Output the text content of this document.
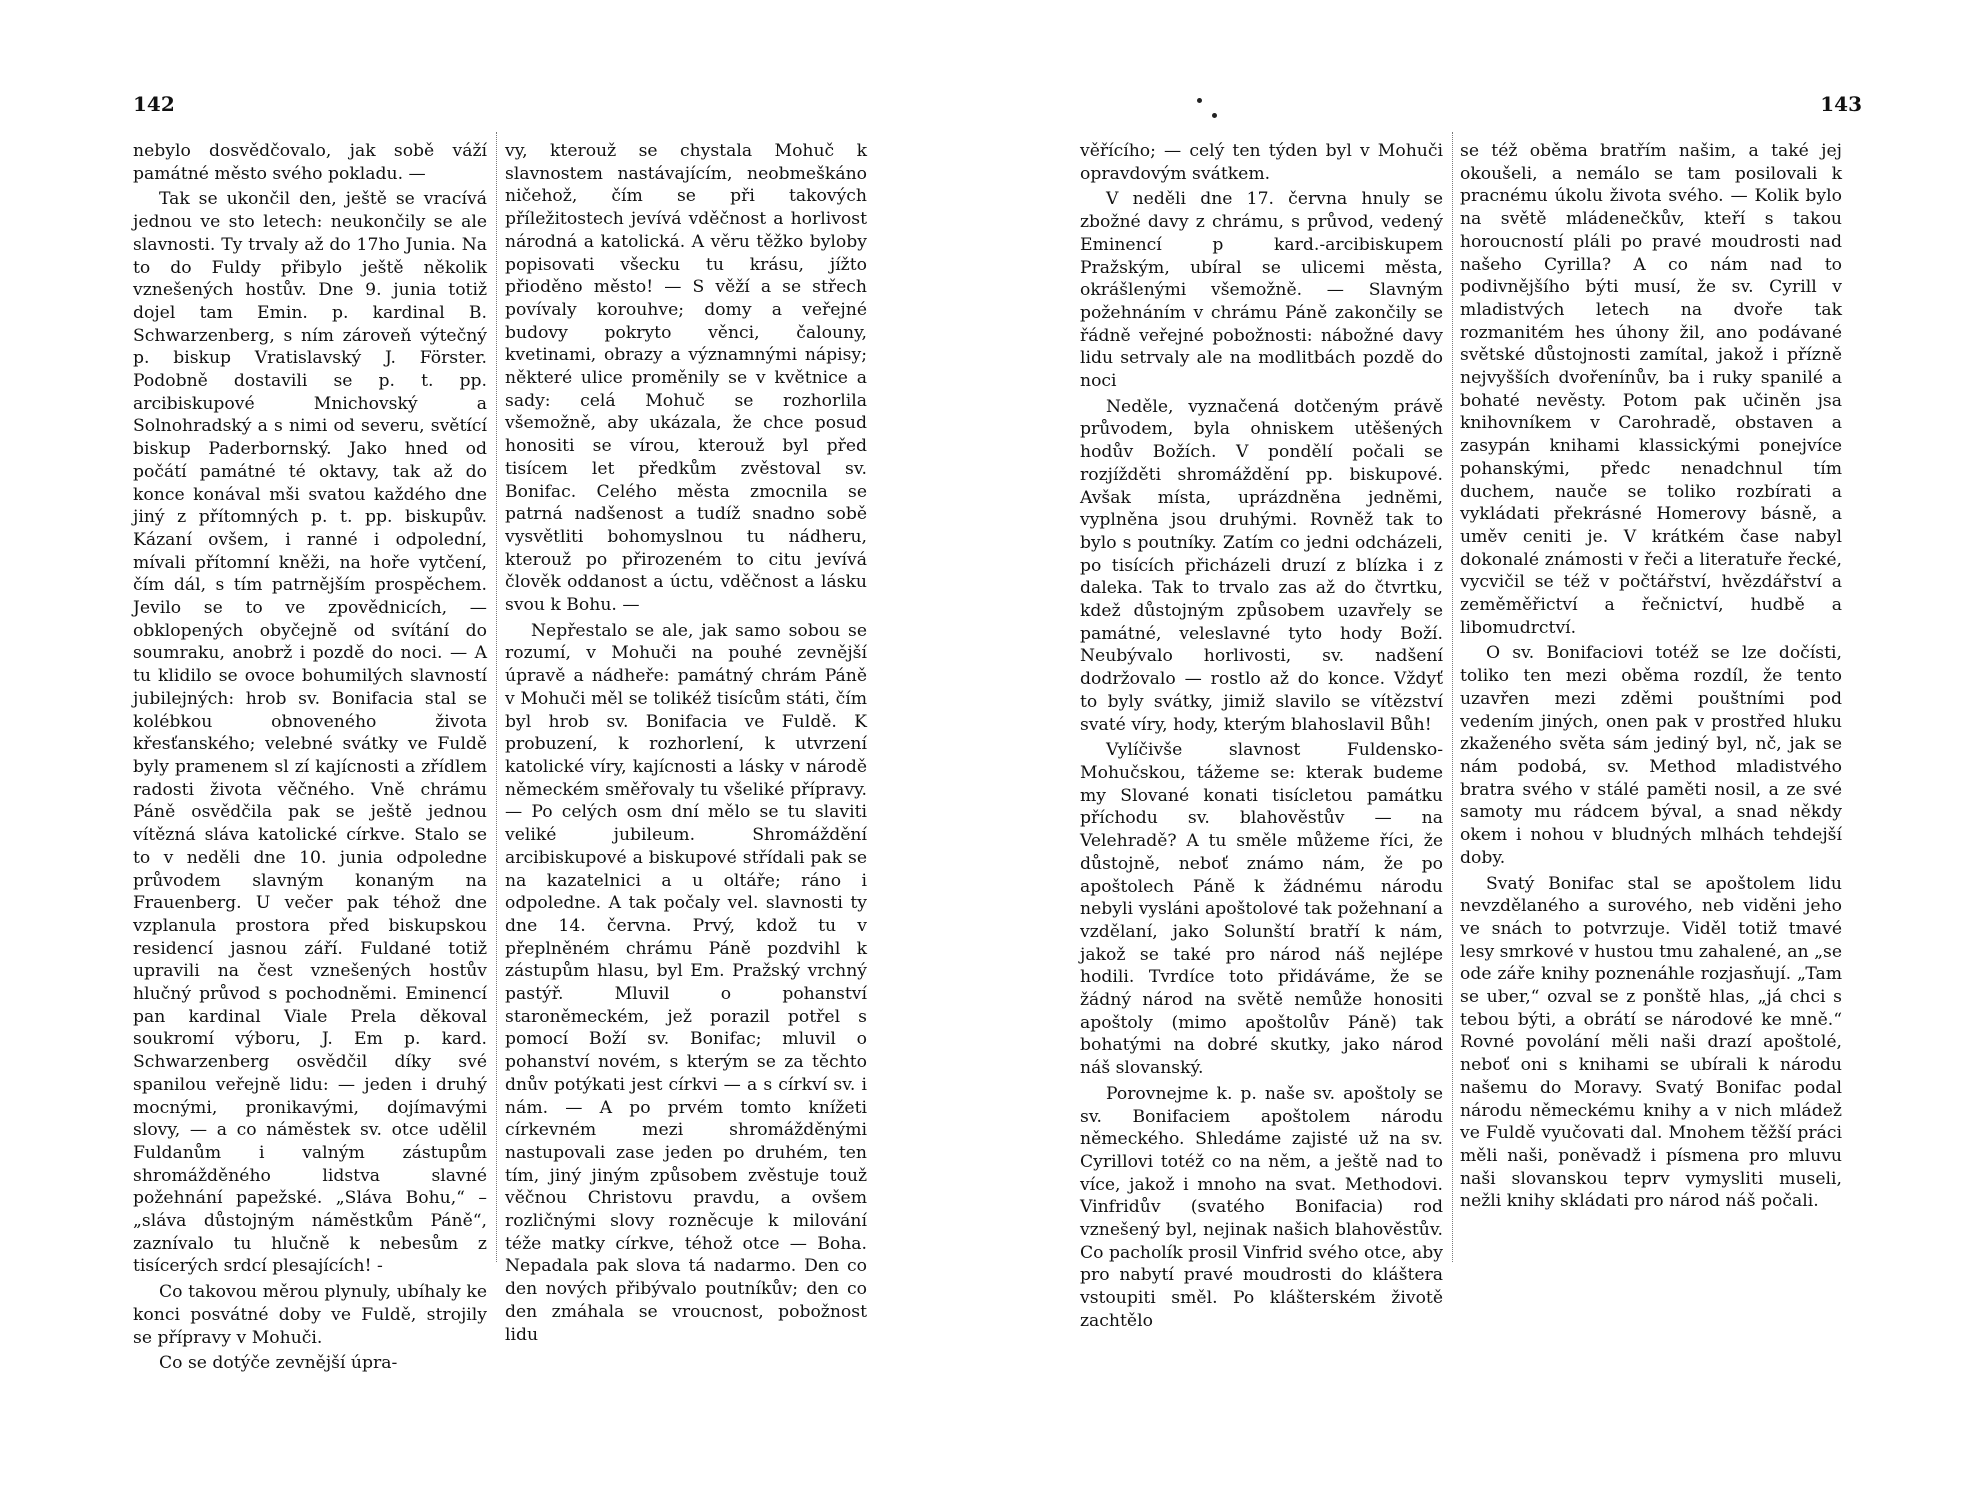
142

nebylo dosvědčovalo, jak sobě váží památné město svého pokladu. —

Tak se ukončil den, ještě se vracívá jednou ve sto letech: neukončily se ale slavnosti. Ty trvaly až do 17ho Junia. Na to do Fuldy přibylo ještě několik vznešených hostův. Dne 9. junia totiž dojel tam Emin. p. kardinal B. Schwarzenberg, s ním zároveň výtečný p. biskup Vratislavský J. Förster. Podobně dostavili se p. t. pp. arcibiskupové Mnichovský a Solnohradský a s nimi od severu, světící biskup Paderbornský. Jako hned od počátí památné té oktavy, tak až do konce konával mši svatou každého dne jiný z přítomných p. t. pp. biskupův. Kázaní ovšem, i ranné i odpolední, mívali přítomní kněži, na hoře vytčení, čím dál, s tím patrnějším prospěchem. Jevilo se to ve zpovědnicích, — obklopených obyčejně od svítání do soumraku, anobrž i pozdě do noci. — A tu klidilo se ovoce bohumilých slavností jubilejných: hrob sv. Bonifacia stal se kolébkou obnoveného života křesťanského; velebné svátky ve Fuldě byly pramenem sl zí kajícnosti a zřídlem radosti života věčného. Vně chrámu Páně osvědčila pak se ještě jednou vítězná sláva katolické církve. Stalo se to v neděli dne 10. junia odpoledne průvodem slavným konaným na Frauenberg. U večer pak téhož dne vzplanula prostora před biskupskou residencí jasnou září. Fuldané totiž upravili na čest vznešených hostův hlučný průvod s pochodněmi. Eminencí pan kardinal Viale Prela děkoval soukromí výboru, J. Em p. kard. Schwarzenberg osvědčil díky své spanilou veřejně lidu: — jeden i druhý mocnými, pronikavými, dojímavými slovy, — a co náměstek sv. otce udělil Fuldanům i valným zástupům shromážděného lidstva slavné požehnání papežské. „Sláva Bohu,“ – „sláva důstojným náměstkům Páně“, zaznívalo tu hlučně k nebesům z tisícerých srdcí plesajících! -

Co takovou měrou plynuly, ubíhaly ke konci posvátné doby ve Fuldě, strojily se přípravy v Mohuči.

Co se dotýče zevnější úpra-

vy, kterouž se chystala Mohuč k slavnostem nastávajícím, neobmeškáno ničehož, čím se při takových příležitostech jevívá vděčnost a horlivost národná a katolická. A věru těžko byloby popisovati všecku tu krásu, jížto přioděno město! — S věží a se střech povívaly korouhve; domy a veřejné budovy pokryto věnci, čalouny, kvetinami, obrazy a významnými nápisy; některé ulice proměnily se v květnice a sady: celá Mohuč se rozhorlila všemožně, aby ukázala, že chce posud honositi se vírou, kterouž byl před tisícem let předkům zvěstoval sv. Bonifac. Celého města zmocnila se patrná nadšenost a tudíž snadno sobě vysvětliti bohomyslnou tu nádheru, kterouž po přirozeném to citu jevívá člověk oddanost a úctu, vděčnost a lásku svou k Bohu. —

Nepřestalo se ale, jak samo sobou se rozumí, v Mohuči na pouhé zevnější úpravě a nádheře: památný chrám Páně v Mohuči měl se tolikéž tisícům státi, čím byl hrob sv. Bonifacia ve Fuldě. K probuzení, k rozhorlení, k utvrzení katolické víry, kajícnosti a lásky v národě německém směřovaly tu všeliké přípravy. — Po celých osm dní mělo se tu slaviti veliké jubileum. Shromáždění arcibiskupové a biskupové střídali pak se na kazatelnici a u oltáře; ráno i odpoledne. A tak počaly vel. slavnosti ty dne 14. června. Prvý, kdož tu v přeplněném chrámu Páně pozdvihl k zástupům hlasu, byl Em. Pražský vrchný pastýř. Mluvil o pohanství staroněmeckém, jež porazil potřel s pomocí Boží sv. Bonifac; mluvil o pohanství novém, s kterým se za těchto dnův potýkati jest církvi — a s církví sv. i nám. — A po prvém tomto knížeti církevném mezi shromážděnými nastupovali zase jeden po druhém, ten tím, jiný jiným způsobem zvěstuje touž věčnou Christovu pravdu, a ovšem rozličnými slovy rozněcuje k milování téže matky církve, téhož otce — Boha. Nepadala pak slova tá nadarmo. Den co den nových přibývalo poutníkův; den co den zmáhala se vroucnost, pobožnost lidu

143

věřícího; — celý ten týden byl v Mohuči opravdovým svátkem.

V neděli dne 17. června hnuly se zbožné davy z chrámu, s průvod, vedený Eminencí p kard.-arcibiskupem Pražským, ubíral se ulicemi města, okrášlenými všemožně. — Slavným požehnáním v chrámu Páně zakončily se řádně veřejné pobožnosti: nábožné davy lidu setrvaly ale na modlitbách pozdě do noci

Neděle, vyznačená dotčeným právě průvodem, byla ohniskem utěšených hodův Božích. V pondělí počali se rozjížděti shromáždění pp. biskupové. Avšak místa, uprázdněna jedněmi, vyplněna jsou druhými. Rovněž tak to bylo s poutníky. Zatím co jedni odcházeli, po tisících přicházeli druzí z blízka i z daleka. Tak to trvalo zas až do čtvrtku, kdež důstojným způsobem uzavřely se památné, veleslavné tyto hody Boží. Neubývalo horlivosti, sv. nadšení dodržovalo — rostlo až do konce. Vždyť to byly svátky, jimiž slavilo se vítězství svaté víry, hody, kterým blahoslavil Bůh!

Vylíčivše slavnost Fuldensko-Mohučskou, tážeme se: kterak budeme my Slované konati tisícletou památku příchodu sv. blahověstův — na Velehradě? A tu směle můžeme říci, že důstojně, neboť známo nám, že po apoštolech Páně k žádnému národu nebyli vysláni apoštolové tak požehnaní a vzdělaní, jako Solunští bratří k nám, jakož se také pro národ náš nejlépe hodili. Tvrdíce toto přidáváme, že se žádný národ na světě nemůže honositi apoštoly (mimo apoštolův Páně) tak bohatými na dobré skutky, jako národ náš slovanský.

Porovnejme k. p. naše sv. apoštoly se sv. Bonifaciem apoštolem národu německého. Shledáme zajisté už na sv. Cyrillovi totéž co na něm, a ještě nad to více, jakož i mnoho na svat. Methodovi. Vinfridův (svatého Bonifacia) rod vznešený byl, nejinak našich blahověstův. Co pacholík prosil Vinfrid svého otce, aby pro nabytí pravé moudrosti do kláštera vstoupiti směl. Po klášterském životě zachtělo

se též oběma bratřím našim, a také jej okoušeli, a nemálo se tam posilovali k pracnému úkolu života svého. — Kolik bylo na světě mládenečkův, kteří s takou horoucností pláli po pravé moudrosti nad našeho Cyrilla? A co nám nad to podivnějšího býti musí, že sv. Cyrill v mladistvých letech na dvoře tak rozmanitém hes úhony žil, ano podávané světské důstojnosti zamítal, jakož i přízně nejvyšších dvořenínův, ba i ruky spanilé a bohaté nevěsty. Potom pak učiněn jsa knihovníkem v Carohradě, obstaven a zasypán knihami klassickými ponejvíce pohanskými, předc nenadchnul tím duchem, nauče se toliko rozbírati a vykládati překrásné Homerovy básně, a uměv ceniti je. V krátkém čase nabyl dokonalé známosti v řeči a literatuře řecké, vycvičil se též v počtářství, hvězdářství a zeměměřictví a řečnictví, hudbě a libomudrctví.

O sv. Bonifaciovi totéž se lze dočísti, toliko ten mezi oběma rozdíl, že tento uzavřen mezi zděmi pouštními pod vedením jiných, onen pak v prostřed hluku zkaženého světa sám jediný byl, nč, jak se nám podobá, sv. Method mladistvého bratra svého v stálé paměti nosil, a ze své samoty mu rádcem býval, a snad někdy okem i nohou v bludných mlhách tehdejší doby.

Svatý Bonifac stal se apoštolem lidu nevzdělaného a surového, neb viděni jeho ve snách to potvrzuje. Viděl totiž tmavé lesy smrkové v hustou tmu zahalené, an „se ode záře knihy poznenáhle rozjasňují. „Tam se uber,“ ozval se z ponště hlas, „já chci s tebou býti, a obrátí se národové ke mně.“ Rovné povolání měli naši drazí apoštolé, neboť oni s knihami se ubírali k národu našemu do Moravy. Svatý Bonifac podal národu německému knihy a v nich mládež ve Fuldě vyučovati dal. Mnohem těžší práci měli naši, poněvadž i písmena pro mluvu naši slovanskou teprv vymysliti museli, nežli knihy skládati pro národ náš počali.
